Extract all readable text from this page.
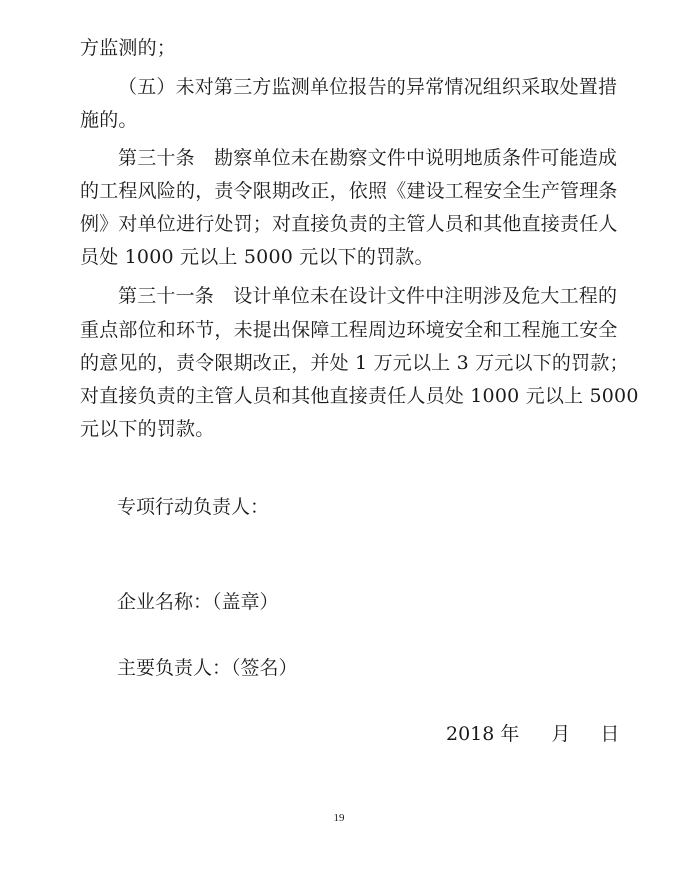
方监测的；
（五）未对第三方监测单位报告的异常情况组织采取处置措
施的。
第三十条　勘察单位未在勘察文件中说明地质条件可能造成
的工程风险的，责令限期改正，依照《建设工程安全生产管理条
例》对单位进行处罚；对直接负责的主管人员和其他直接责任人
员处 1000 元以上 5000 元以下的罚款。
第三十一条　设计单位未在设计文件中注明涉及危大工程的
重点部位和环节，未提出保障工程周边环境安全和工程施工安全
的意见的，责令限期改正，并处 1 万元以上 3 万元以下的罚款；
对直接负责的主管人员和其他直接责任人员处 1000 元以上 5000
元以下的罚款。
专项行动负责人：
企业名称：（盖章）
主要负责人：（签名）
2018 年 月 日
19
